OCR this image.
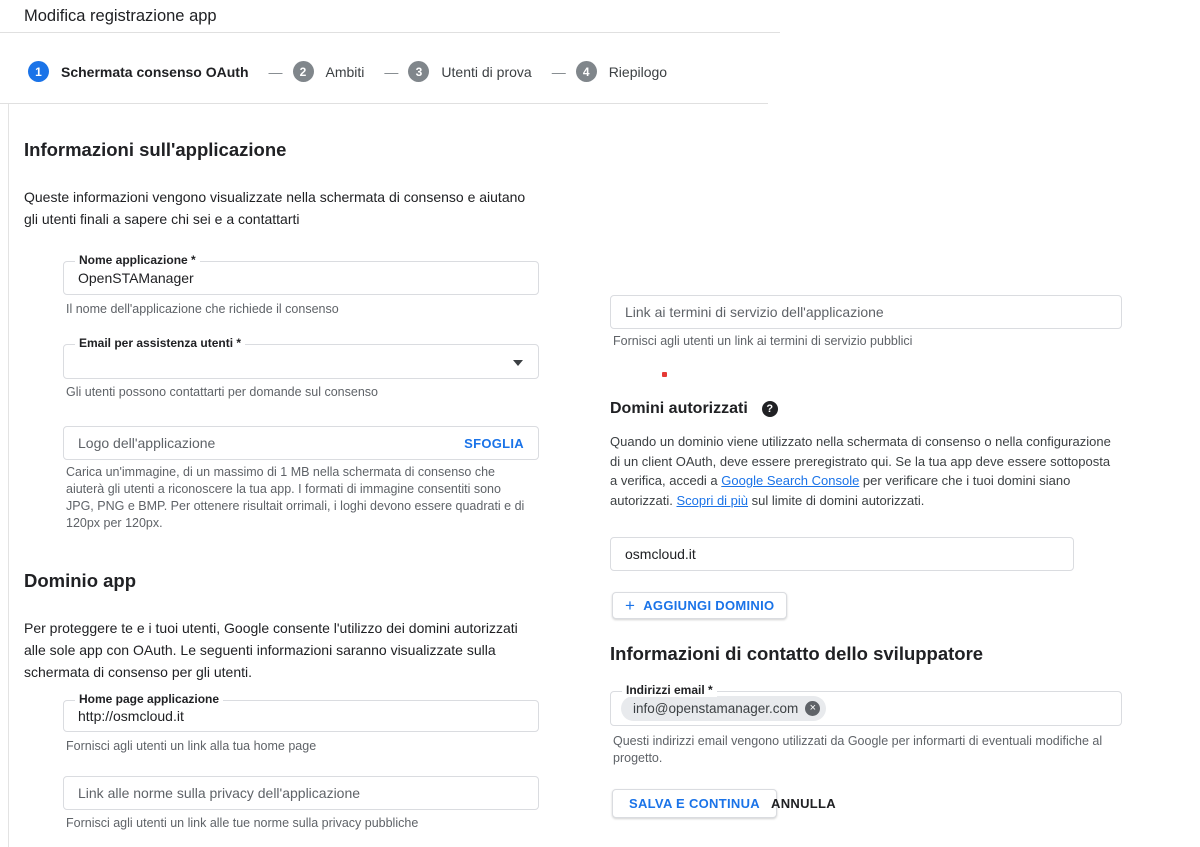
Modifica registrazione app
1	Schermata consenso OAuth —	2	Ambiti —	3	Utenti di prova —	4	Riepilogo
Informazioni sull'applicazione
Queste informazioni vengono visualizzate nella schermata di consenso e aiutano gli utenti finali a sapere chi sei e a contattarti
Nome applicazione *
OpenSTAManager
Il nome dell'applicazione che richiede il consenso
Email per assistenza utenti *
Gli utenti possono contattarti per domande sul consenso
Logo dell'applicazione
SFOGLIA
Carica un'immagine, di un massimo di 1 MB nella schermata di consenso che aiuterà gli utenti a riconoscere la tua app. I formati di immagine consentiti sono JPG, PNG e BMP. Per ottenere risultait orrimali, i loghi devono essere quadrati e di 120px per 120px.
Dominio app
Per proteggere te e i tuoi utenti, Google consente l'utilizzo dei domini autorizzati alle sole app con OAuth. Le seguenti informazioni saranno visualizzate sulla schermata di consenso per gli utenti.
Home page applicazione
http://osmcloud.it
Fornisci agli utenti un link alla tua home page
Link alle norme sulla privacy dell'applicazione
Fornisci agli utenti un link alle tue norme sulla privacy pubbliche
Link ai termini di servizio dell'applicazione
Fornisci agli utenti un link ai termini di servizio pubblici
Domini autorizzati	?
Quando un dominio viene utilizzato nella schermata di consenso o nella configurazione di un client OAuth, deve essere preregistrato qui. Se la tua app deve essere sottoposta a verifica, accedi a Google Search Console per verificare che i tuoi domini siano autorizzati. Scopri di più sul limite di domini autorizzati.
osmcloud.it
+ AGGIUNGI DOMINIO
Informazioni di contatto dello sviluppatore
Indirizzi email *
info@openstamanager.com	×
Questi indirizzi email vengono utilizzati da Google per informarti di eventuali modifiche al progetto.
SALVA E CONTINUA ANNULLA
